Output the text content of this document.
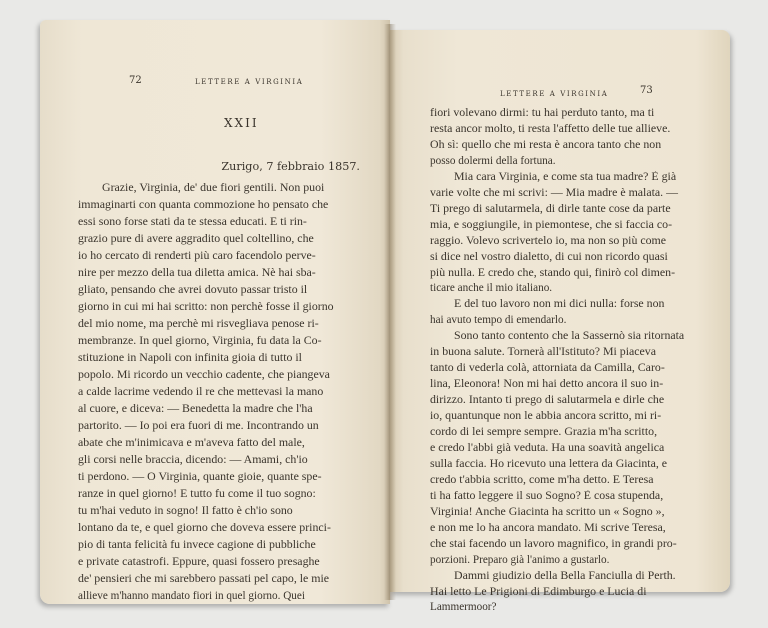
72	LETTERE A VIRGINIA
XXII
Zurigo, 7 febbraio 1857.
Grazie, Virginia, de' due fiori gentili. Non puoi
immaginarti con quanta commozione ho pensato che
essi sono forse stati da te stessa educati. E ti rin-
grazio pure di avere aggradito quel coltellino, che
io ho cercato di renderti più caro facendolo perve-
nire per mezzo della tua diletta amica. Nè hai sba-
gliato, pensando che avrei dovuto passar tristo il
giorno in cui mi hai scritto: non perchè fosse il giorno
del mio nome, ma perchè mi risvegliava penose ri-
membranze. In quel giorno, Virginia, fu data la Co-
stituzione in Napoli con infinita gioia di tutto il
popolo. Mi ricordo un vecchio cadente, che piangeva
a calde lacrime vedendo il re che mettevasi la mano
al cuore, e diceva: — Benedetta la madre che l'ha
partorito. — Io poi era fuori di me. Incontrando un
abate che m'inimicava e m'aveva fatto del male,
gli corsi nelle braccia, dicendo: — Amami, ch'io
ti perdono. — O Virginia, quante gioie, quante spe-
ranze in quel giorno! E tutto fu come il tuo sogno:
tu m'hai veduto in sogno! Il fatto è ch'io sono
lontano da te, e quel giorno che doveva essere princi-
pio di tanta felicità fu invece cagione di pubbliche
e private catastrofi. Eppure, quasi fossero presaghe
de' pensieri che mi sarebbero passati pel capo, le mie
allieve m'hanno mandato fiori in quel giorno. Quei
LETTERE A VIRGINIA	73
fiori volevano dirmi: tu hai perduto tanto, ma ti
resta ancor molto, ti resta l'affetto delle tue allieve.
Oh sì: quello che mi resta è ancora tanto che non
posso dolermi della fortuna.
Mia cara Virginia, e come sta tua madre? È già
varie volte che mi scrivi: — Mia madre è malata. —
Ti prego di salutarmela, di dirle tante cose da parte
mia, e soggiungile, in piemontese, che si faccia co-
raggio. Volevo scrivertelo io, ma non so più come
si dice nel vostro dialetto, di cui non ricordo quasi
più nulla. E credo che, stando qui, finirò col dimen-
ticare anche il mio italiano.
E del tuo lavoro non mi dici nulla: forse non
hai avuto tempo di emendarlo.
Sono tanto contento che la Sassernò sia ritornata
in buona salute. Tornerà all'Istituto? Mi piaceva
tanto di vederla colà, attorniata da Camilla, Caro-
lina, Eleonora! Non mi hai detto ancora il suo in-
dirizzo. Intanto ti prego di salutarmela e dirle che
io, quantunque non le abbia ancora scritto, mi ri-
cordo di lei sempre sempre. Grazia m'ha scritto,
e credo l'abbi già veduta. Ha una soavità angelica
sulla faccia. Ho ricevuto una lettera da Giacinta, e
credo t'abbia scritto, come m'ha detto. E Teresa
ti ha fatto leggere il suo Sogno? È cosa stupenda,
Virginia! Anche Giacinta ha scritto un « Sogno »,
e non me lo ha ancora mandato. Mi scrive Teresa,
che stai facendo un lavoro magnifico, in grandi pro-
porzioni. Preparo già l'animo a gustarlo.
Dammi giudizio della Bella Fanciulla di Perth.
Hai letto Le Prigioni di Edimburgo e Lucia di
Lammermoor?
